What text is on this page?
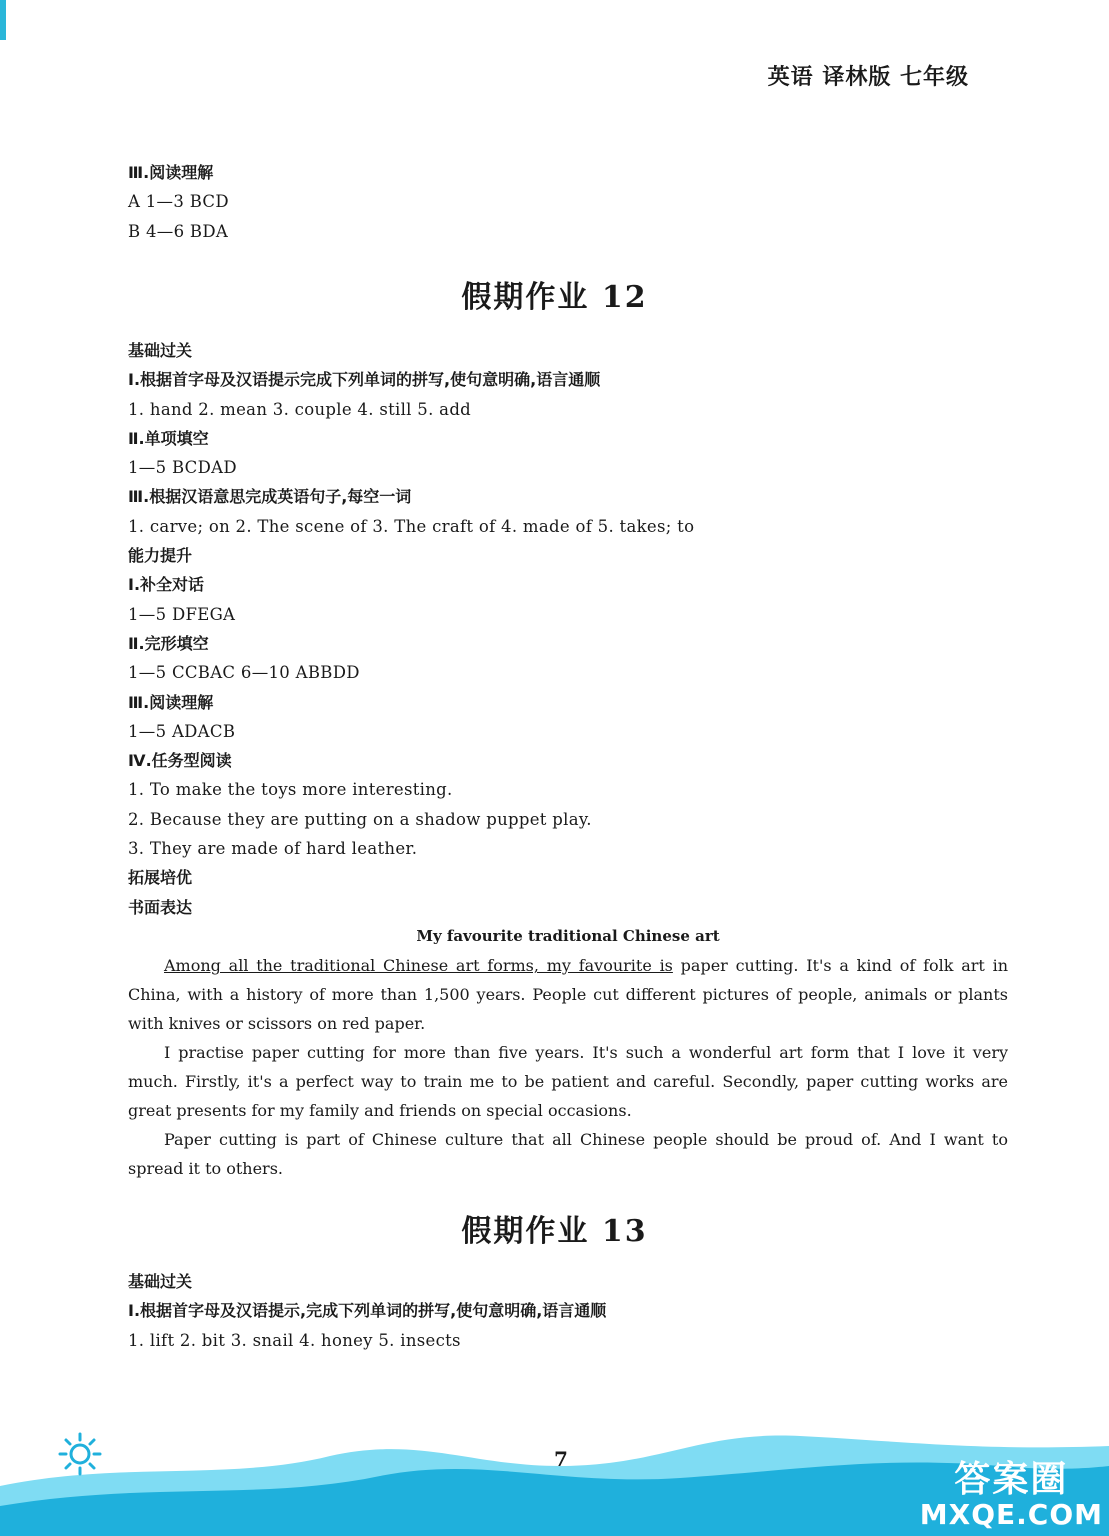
英语 译林版 七年级
Ⅲ.阅读理解
A 1—3 BCD
B 4—6 BDA
假期作业 12
基础过关
Ⅰ.根据首字母及汉语提示完成下列单词的拼写,使句意明确,语言通顺
1. hand 2. mean 3. couple 4. still 5. add
Ⅱ.单项填空
1—5 BCDAD
Ⅲ.根据汉语意思完成英语句子,每空一词
1. carve; on 2. The scene of 3. The craft of 4. made of 5. takes; to
能力提升
Ⅰ.补全对话
1—5 DFEGA
Ⅱ.完形填空
1—5 CCBAC 6—10 ABBDD
Ⅲ.阅读理解
1—5 ADACB
Ⅳ.任务型阅读
1. To make the toys more interesting.
2. Because they are putting on a shadow puppet play.
3. They are made of hard leather.
拓展培优
书面表达
My favourite traditional Chinese art

Among all the traditional Chinese art forms, my favourite is paper cutting. It's a kind of folk art in China, with a history of more than 1,500 years. People cut different pictures of people, animals or plants with knives or scissors on red paper.

I practise paper cutting for more than five years. It's such a wonderful art form that I love it very much. Firstly, it's a perfect way to train me to be patient and careful. Secondly, paper cutting works are great presents for my family and friends on special occasions.

Paper cutting is part of Chinese culture that all Chinese people should be proud of. And I want to spread it to others.

假期作业 13
基础过关
Ⅰ.根据首字母及汉语提示,完成下列单词的拼写,使句意明确,语言通顺
1. lift 2. bit 3. snail 4. honey 5. insects
7	答案圈
MXQE.COM
